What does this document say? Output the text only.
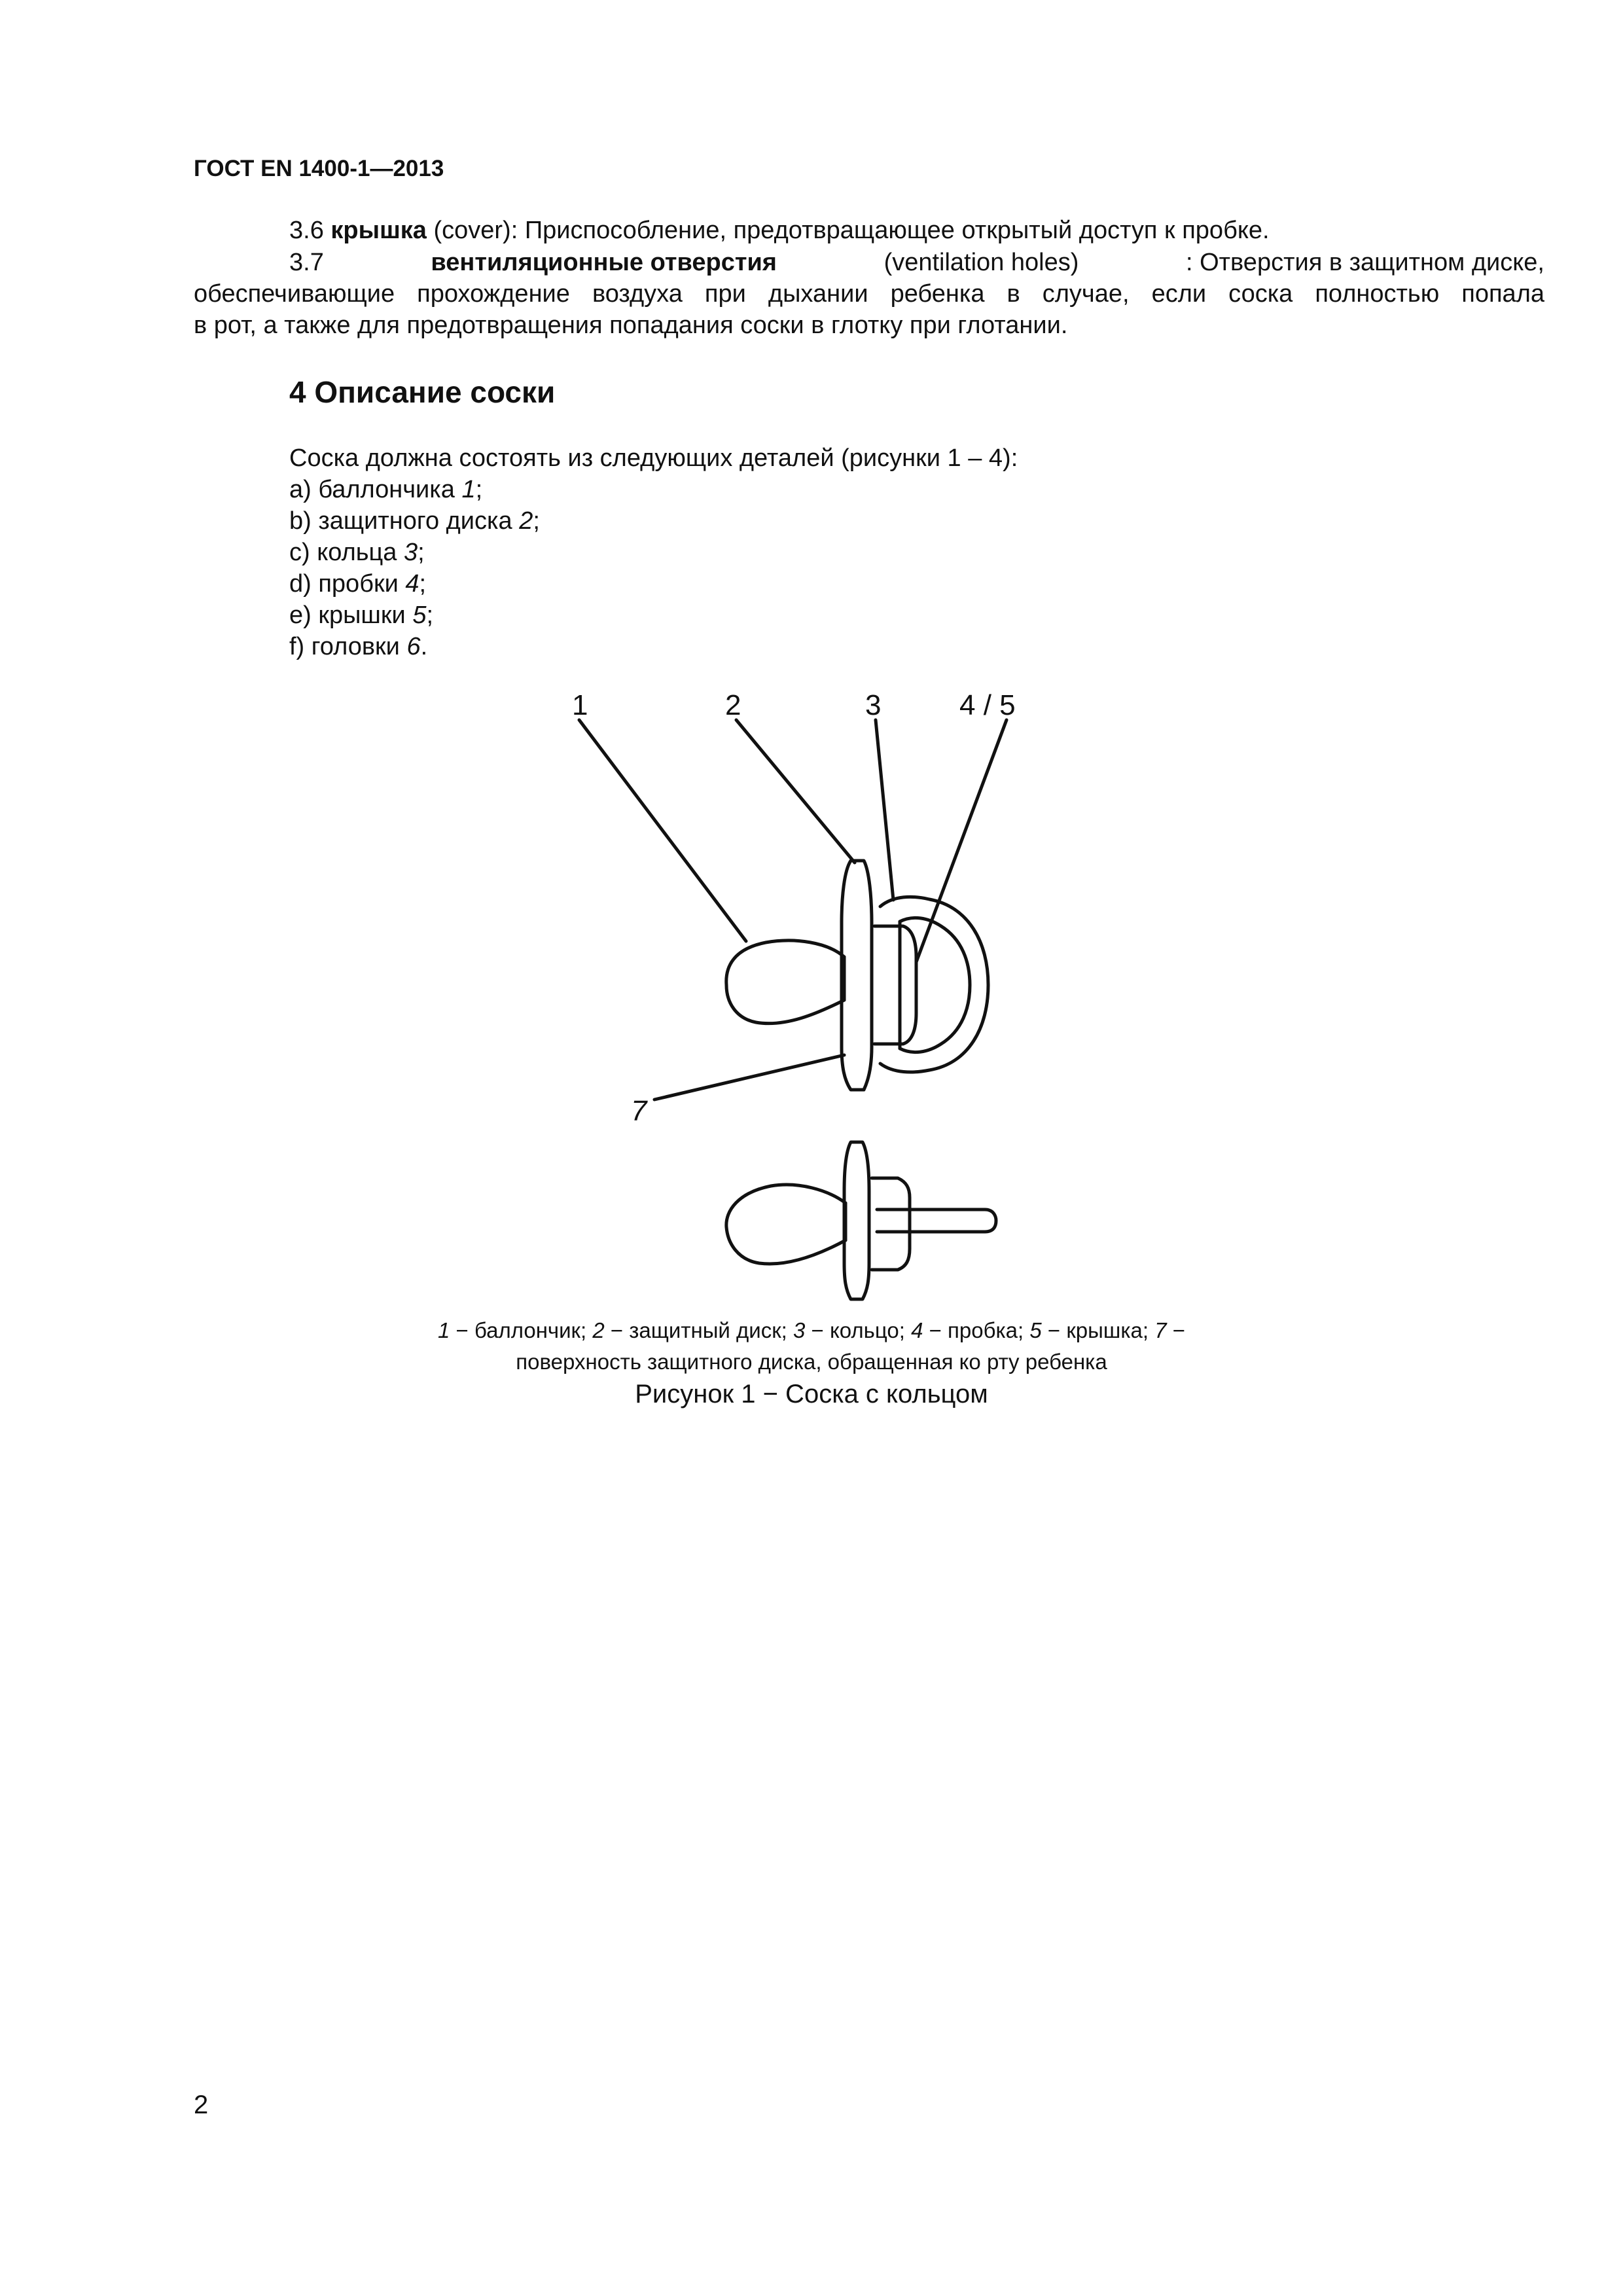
ГОСТ EN 1400-1—2013
3.6 крышка (cover): Приспособление, предотвращающее открытый доступ к пробке.
3.7	вентиляционные отверстия	(ventilation holes)	: Отверстия в защитном диске,
обеспечивающие прохождение воздуха при дыхании ребенка в случае, если соска полностью попала
в рот, а также для предотвращения попадания соски в глотку при глотании.
4 Описание соски
Соска должна состоять из следующих деталей (рисунки 1 – 4):
a) баллончика 1;
b) защитного диска 2;
c) кольца 3;
d) пробки 4;
e) крышки 5;
f) головки 6.
1	2	3	4 / 5
7
1 − баллончик; 2 − защитный диск; 3 − кольцо; 4 − пробка; 5 − крышка; 7 −
поверхность защитного диска, обращенная ко рту ребенка
Рисунок 1 − Соска с кольцом
2
